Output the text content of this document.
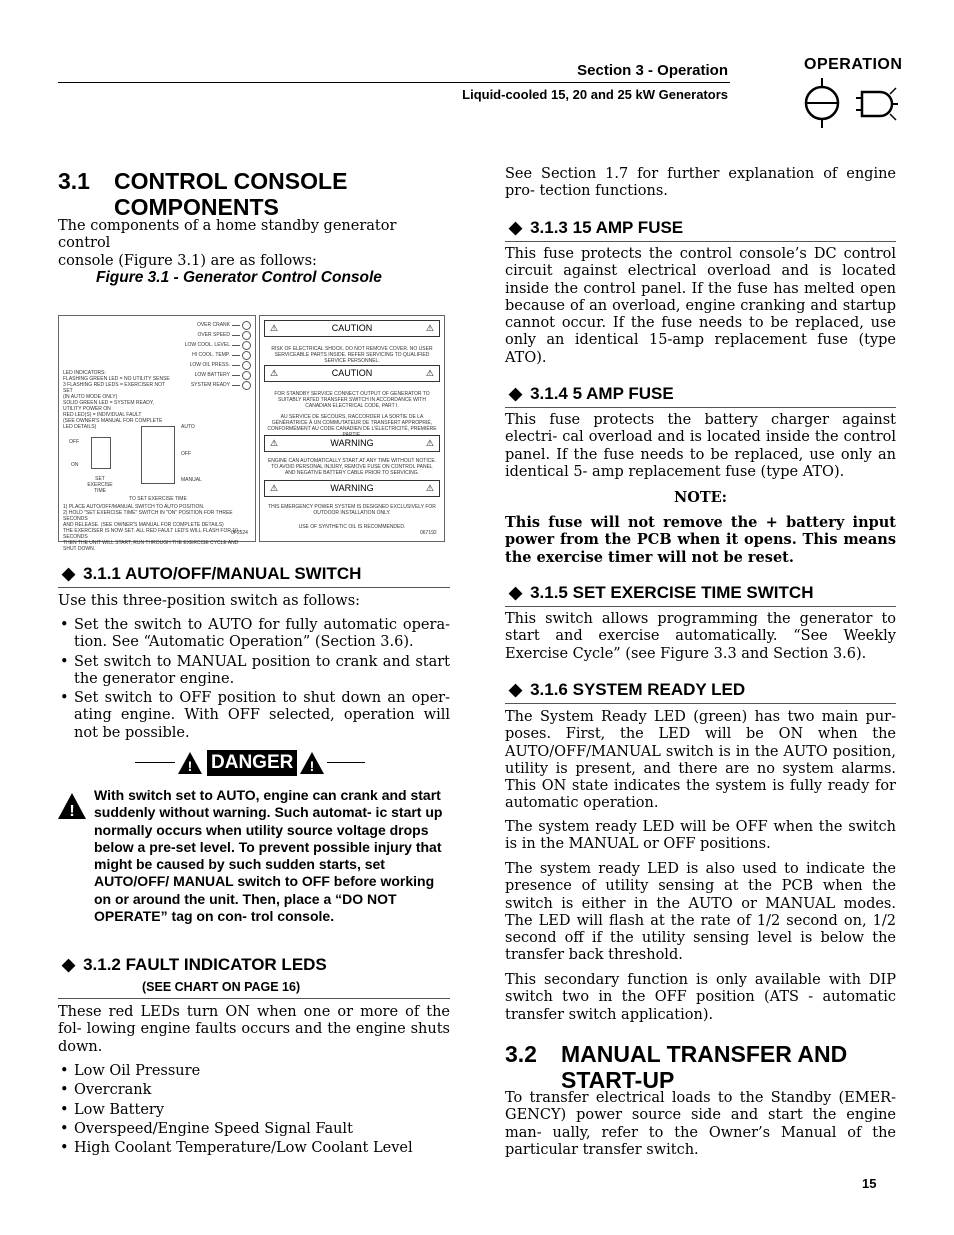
Section 3 - Operation
Liquid-cooled 15, 20 and 25 kW Generators
OPERATION
3.1 CONTROL CONSOLE
COMPONENTS
The components of a home standby generator control
console (Figure 3.1) are as follows:
Figure 3.1 - Generator Control Console
OVER CRANK
OVER SPEED
LOW COOL. LEVEL
HI COOL. TEMP.
LOW OIL PRESS.
LOW BATTERY
SYSTEM READY
LED INDICATORS:
FLASHING GREEN LED = NO UTILITY SENSE
3 FLASHING RED LEDS = EXERCISER NOT SET
(IN AUTO MODE ONLY)
SOLID GREEN LED = SYSTEM READY, UTILITY POWER ON
RED LED(S) = INDIVIDUAL FAULT
(SEE OWNER'S MANUAL FOR COMPLETE LED DETAILS)
OFF
ON
SET
EXERCISE
TIME
AUTO
OFF
MANUAL
TO SET EXERCISE TIME
1) PLACE AUTO/OFF/MANUAL SWITCH TO AUTO POSITION.
2) HOLD "SET EXERCISE TIME" SWITCH IN "ON" POSITION FOR THREE SECONDS
AND RELEASE. (SEE OWNER'S MANUAL FOR COMPLETE DETAILS)
THE EXERCISER IS NOW SET. ALL RED FAULT LED'S WILL FLASH FOR 10 SECONDS
THEN THE UNIT WILL START, RUN THROUGH THE EXERCISE CYCLE AND SHUT DOWN.
0F2524
⚠	CAUTION	⚠
RISK OF ELECTRICAL SHOCK. DO NOT REMOVE COVER. NO USER SERVICEABLE PARTS INSIDE. REFER SERVICING TO QUALIFIED SERVICE PERSONNEL.
⚠	CAUTION	⚠
FOR STANDBY SERVICE CONNECT OUTPUT OF GENERATOR TO SUITABLY RATED TRANSFER SWITCH IN ACCORDANCE WITH CANADIAN ELECTRICAL CODE, PART I.
AU SERVICE DE SECOURS, RACCORDER LA SORTIE DE LA GÉNÉRATRICE À UN COMMUTATEUR DE TRANSFERT APPROPRIÉ, CONFORMÉMENT AU CODE CANADIEN DE L'ÉLECTRICITÉ, PREMIÈRE PARTIE.
⚠	WARNING	⚠
ENGINE CAN AUTOMATICALLY START AT ANY TIME WITHOUT NOTICE. TO AVOID PERSONAL INJURY, REMOVE FUSE ON CONTROL PANEL AND NEGATIVE BATTERY CABLE PRIOR TO SERVICING.
⚠	WARNING	⚠
THIS EMERGENCY POWER SYSTEM IS DESIGNED EXCLUSIVELY FOR OUTDOOR INSTALLATION ONLY.
USE OF SYNTHETIC OIL IS RECOMMENDED.
067192
◆ 3.1.1 AUTO/OFF/MANUAL SWITCH
Use this three-position switch as follows:
• Set the switch to AUTO for fully automatic opera- tion. See “Automatic Operation” (Section 3.6).
• Set switch to MANUAL position to crank and start the generator engine.
• Set switch to OFF position to shut down an oper- ating engine. With OFF selected, operation will not be possible.
! DANGER !
!
With switch set to AUTO, engine can crank and start suddenly without warning. Such automat- ic start up normally occurs when utility source voltage drops below a pre-set level. To prevent possible injury that might be caused by such sudden starts, set AUTO/OFF/ MANUAL switch to OFF before working on or around the unit. Then, place a “DO NOT OPERATE” tag on con- trol console.
◆ 3.1.2 FAULT INDICATOR LEDS
(SEE CHART ON PAGE 16)
These red LEDs turn ON when one or more of the fol- lowing engine faults occurs and the engine shuts down.
• Low Oil Pressure
• Overcrank
• Low Battery
• Overspeed/Engine Speed Signal Fault
• High Coolant Temperature/Low Coolant Level
See Section 1.7 for further explanation of engine pro- tection functions.
◆ 3.1.3 15 AMP FUSE
This fuse protects the control console’s DC control circuit against electrical overload and is located inside the control panel. If the fuse has melted open because of an overload, engine cranking and startup cannot occur. If the fuse needs to be replaced, use only an identical 15-amp replacement fuse (type ATO).
◆ 3.1.4 5 AMP FUSE
This fuse protects the battery charger against electri- cal overload and is located inside the control panel. If the fuse needs to be replaced, use only an identical 5- amp replacement fuse (type ATO).
NOTE:
This fuse will not remove the + battery input power from the PCB when it opens. This means the exercise timer will not be reset.
◆ 3.1.5 SET EXERCISE TIME SWITCH
This switch allows programming the generator to start and exercise automatically. “See Weekly Exercise Cycle” (see Figure 3.3 and Section 3.6).
◆ 3.1.6 SYSTEM READY LED
The System Ready LED (green) has two main pur- poses. First, the LED will be ON when the AUTO/OFF/MANUAL switch is in the AUTO position, utility is present, and there are no system alarms. This ON state indicates the system is fully ready for automatic operation.
The system ready LED will be OFF when the switch is in the MANUAL or OFF positions.
The system ready LED is also used to indicate the presence of utility sensing at the PCB when the switch is either in the AUTO or MANUAL modes. The LED will flash at the rate of 1/2 second on, 1/2 second off if the utility sensing level is below the transfer back threshold.
This secondary function is only available with DIP switch two in the OFF position (ATS - automatic transfer switch application).
3.2 MANUAL TRANSFER AND
START-UP
To transfer electrical loads to the Standby (EMER- GENCY) power source side and start the engine man- ually, refer to the Owner’s Manual of the particular transfer switch.
15
